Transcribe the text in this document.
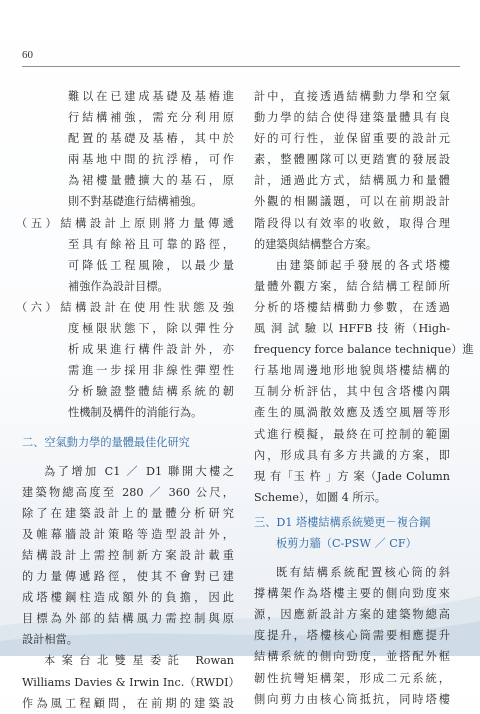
60
難以在已建成基礎及基樁進
行結構補強，需充分利用原
配置的基礎及基樁，其中於
兩基地中間的抗浮樁，可作
為裙樓量體擴大的基石，原
則不對基礎進行結構補強。
（五）結構設計上原則將力量傳遞
至具有餘裕且可靠的路徑，
可降低工程風險，以最少量
補強作為設計目標。
（六）結構設計在使用性狀態及強
度極限狀態下，除以彈性分
析成果進行構件設計外，亦
需進一步採用非線性彈塑性
分析驗證整體結構系統的韌
性機制及構件的消能行為。
二、空氣動力學的量體最佳化研究
為了增加 C1 ／ D1 聯開大樓之
建築物總高度至 280 ／ 360 公尺，
除了在建築設計上的量體分析研究
及帷幕牆設計策略等造型設計外，
結構設計上需控制新方案設計載重
的力量傳遞路徑，使其不會對已建
成塔樓鋼柱造成額外的負擔，因此
目標為外部的結構風力需控制與原
設計相當。
本案台北雙星委託 Rowan
Williams Davies & Irwin Inc.（RWDI）
作為風工程顧問，在前期的建築設
計中，直接透過結構動力學和空氣
動力學的結合使得建築量體具有良
好的可行性，並保留重要的設計元
素，整體團隊可以更踏實的發展設
計，通過此方式，結構風力和量體
外觀的相關議題，可以在前期設計
階段得以有效率的收斂，取得合理
的建築與結構整合方案。
由建築師起手發展的各式塔樓
量體外觀方案，結合結構工程師所
分析的塔樓結構動力參數，在透過
風 洞 試 驗 以 HFFB 技 術（High-
frequency force balance technique）進
行基地周邊地形地貌與塔樓結構的
互制分析評估，其中包含塔樓內隅
產生的風渦散效應及透空風層等形
式進行模擬，最終在可控制的範圍
內，形成具有多方共識的方案，即
現 有「玉 杵 」方 案（Jade Column
Scheme），如圖 4 所示。
三、D1 塔樓結構系統變更－複合鋼
板剪力牆（C-PSW ／ CF）
既有結構系統配置核心筒的斜
撐構架作為塔樓主要的側向勁度來
源，因應新設計方案的建築物總高
度提升，塔樓核心筒需要相應提升
結構系統的側向勁度，並搭配外框
韌性抗彎矩構架，形成二元系統，
側向剪力由核心筒抵抗，同時塔樓
